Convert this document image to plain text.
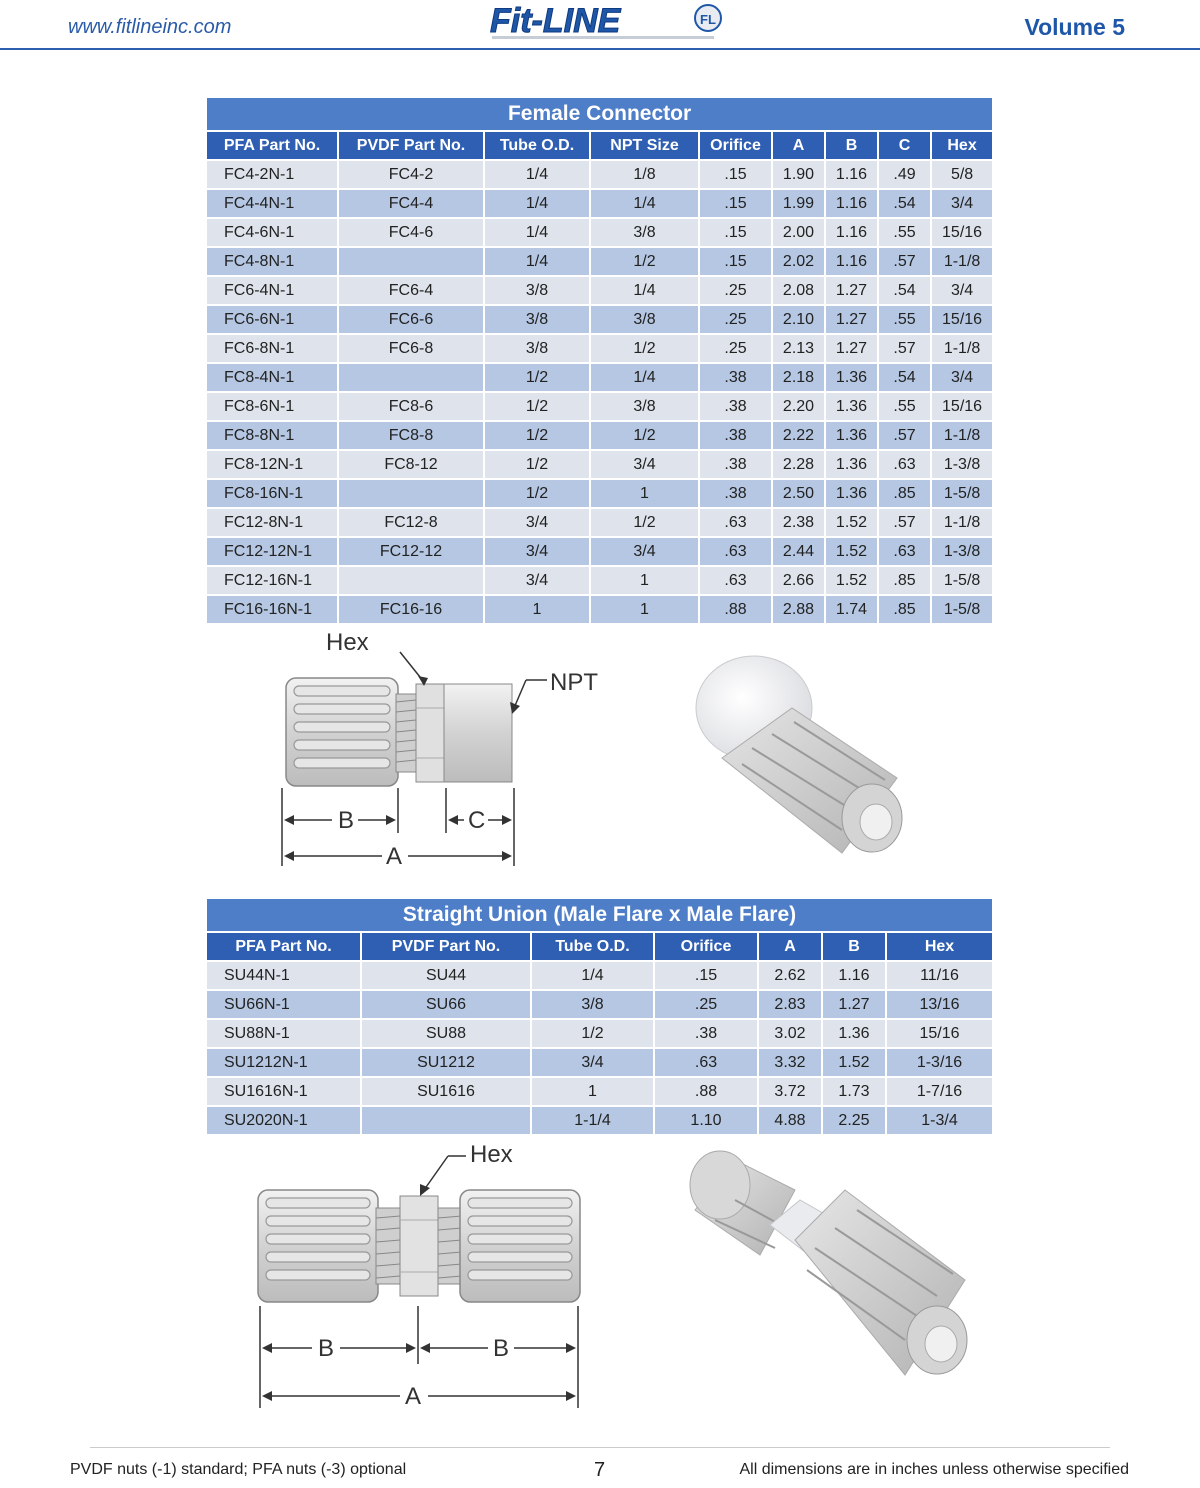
www.fitlineinc.com	Fit-LINE	FL	Volume 5
Female Connector								
PFA Part No.	PVDF Part No.	Tube O.D.	NPT Size	Orifice	A	B	C	Hex
FC4-2N-1	FC4-2	1/4	1/8	.15	1.90	1.16	.49	5/8
FC4-4N-1	FC4-4	1/4	1/4	.15	1.99	1.16	.54	3/4
FC4-6N-1	FC4-6	1/4	3/8	.15	2.00	1.16	.55	15/16
FC4-8N-1		1/4	1/2	.15	2.02	1.16	.57	1-1/8
FC6-4N-1	FC6-4	3/8	1/4	.25	2.08	1.27	.54	3/4
FC6-6N-1	FC6-6	3/8	3/8	.25	2.10	1.27	.55	15/16
FC6-8N-1	FC6-8	3/8	1/2	.25	2.13	1.27	.57	1-1/8
FC8-4N-1		1/2	1/4	.38	2.18	1.36	.54	3/4
FC8-6N-1	FC8-6	1/2	3/8	.38	2.20	1.36	.55	15/16
FC8-8N-1	FC8-8	1/2	1/2	.38	2.22	1.36	.57	1-1/8
FC8-12N-1	FC8-12	1/2	3/4	.38	2.28	1.36	.63	1-3/8
FC8-16N-1		1/2	1	.38	2.50	1.36	.85	1-5/8
FC12-8N-1	FC12-8	3/4	1/2	.63	2.38	1.52	.57	1-1/8
FC12-12N-1	FC12-12	3/4	3/4	.63	2.44	1.52	.63	1-3/8
FC12-16N-1		3/4	1	.63	2.66	1.52	.85	1-5/8
FC16-16N-1	FC16-16	1	1	.88	2.88	1.74	.85	1-5/8
Hex
NPT
B	C
A
Straight Union (Male Flare x Male Flare)						
PFA Part No.	PVDF Part No.	Tube O.D.	Orifice	A	B	Hex
SU44N-1	SU44	1/4	.15	2.62	1.16	11/16
SU66N-1	SU66	3/8	.25	2.83	1.27	13/16
SU88N-1	SU88	1/2	.38	3.02	1.36	15/16
SU1212N-1	SU1212	3/4	.63	3.32	1.52	1-3/16
SU1616N-1	SU1616	1	.88	3.72	1.73	1-7/16
SU2020N-1		1-1/4	1.10	4.88	2.25	1-3/4
Hex
B	B
A
PVDF nuts (-1) standard; PFA nuts (-3) optional	7	All dimensions are in inches unless otherwise specified
